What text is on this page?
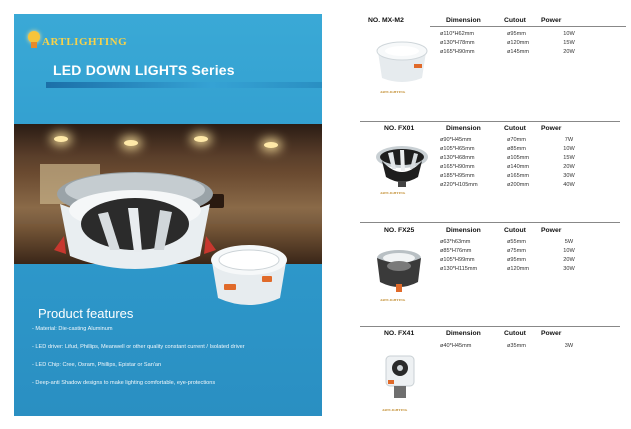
ARTLIGHTING
LED DOWN LIGHTS Series
Product features
- Material: Die-casting Aluminum
- LED driver: Lifud, Phillips, Meanwell or other quality constant current / Isolated driver
- LED Chip: Cree, Osram, Phillips, Epistar or San'an
- Deep-anti Shadow designs to make lighting comfortable, eye-protections
NO. MX-M2	Dimension	Cutout Power
ø110*H62mm	ø95mm	10W
ø130*H78mm	ø120mm	15W
ø165*H90mm	ø145mm	20W
ARTLIGHTING
NO. FX01	Dimension	Cutout Power
ø90*H45mm	ø70mm	7W
ø105*H65mm	ø85mm	10W
ø130*H68mm	ø105mm	15W
ø165*H90mm	ø140mm	20W
ø185*H95mm	ø165mm	30W
ø220*H105mm	ø200mm	40W
ARTLIGHTING
NO. FX25	Dimension	Cutout Power
ø63*h63mm	ø55mm	5W
ø85*H76mm	ø75mm	10W
ø105*H99mm	ø95mm	20W
ø130*H115mm	ø120mm	30W
ARTLIGHTING
NO. FX41	Dimension	Cutout Power
ø40*H45mm	ø35mm	3W
ARTLIGHTING
